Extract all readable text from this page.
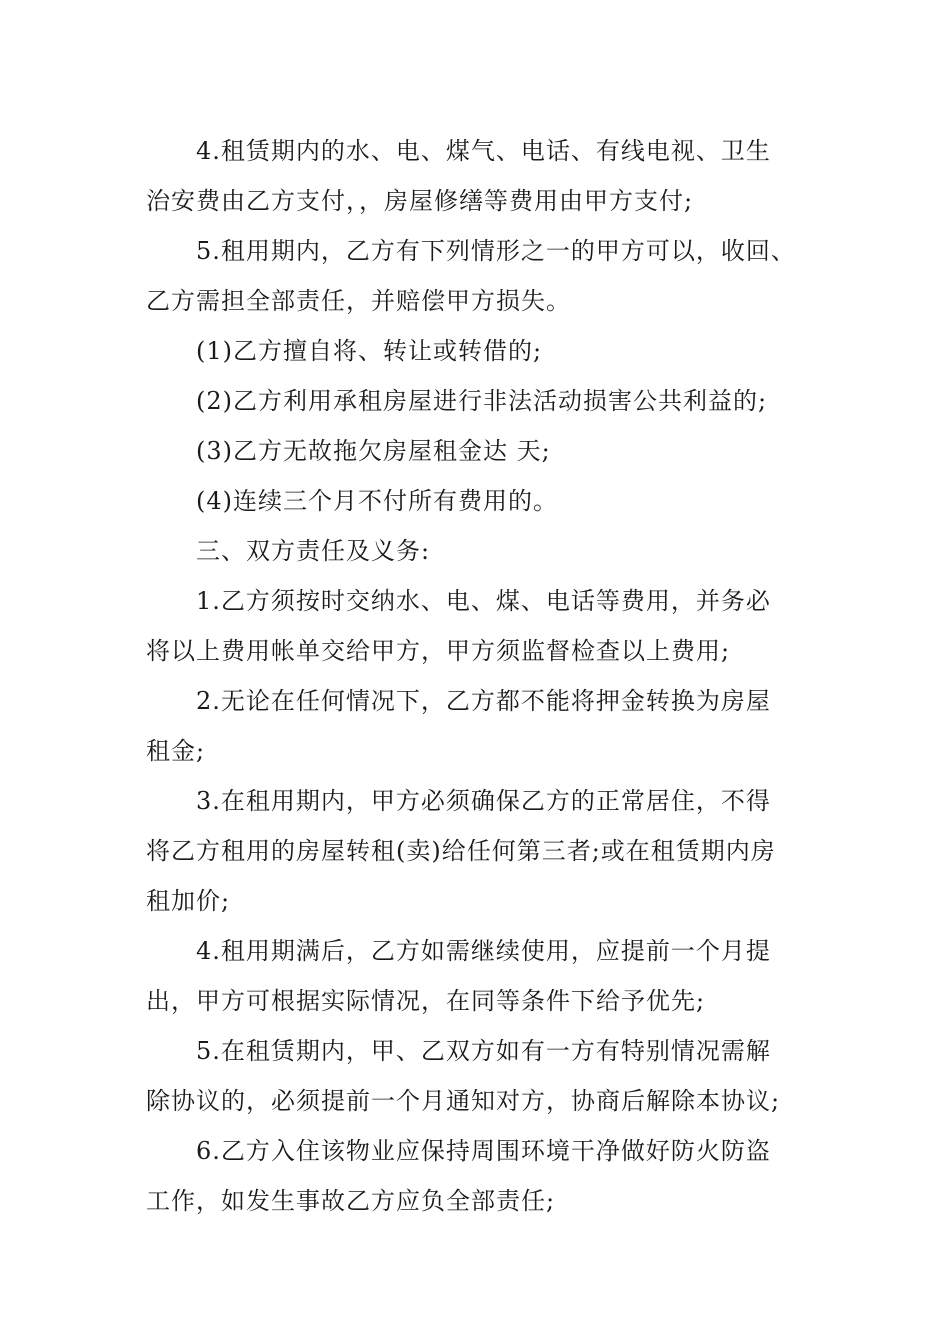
4.租赁期内的水、电、煤气、电话、有线电视、卫生
治安费由乙方支付，，房屋修缮等费用由甲方支付;
5.租用期内，乙方有下列情形之一的甲方可以，收回、
乙方需担全部责任，并赔偿甲方损失。
(1)乙方擅自将、转让或转借的;
(2)乙方利用承租房屋进行非法活动损害公共利益的;
(3)乙方无故拖欠房屋租金达 天;
(4)连续三个月不付所有费用的。
三、双方责任及义务:
1.乙方须按时交纳水、电、煤、电话等费用，并务必
将以上费用帐单交给甲方，甲方须监督检查以上费用;
2.无论在任何情况下，乙方都不能将押金转换为房屋
租金;
3.在租用期内，甲方必须确保乙方的正常居住，不得
将乙方租用的房屋转租(卖)给任何第三者;或在租赁期内房
租加价;
4.租用期满后，乙方如需继续使用，应提前一个月提
出，甲方可根据实际情况，在同等条件下给予优先;
5.在租赁期内，甲、乙双方如有一方有特别情况需解
除协议的，必须提前一个月通知对方，协商后解除本协议;
6.乙方入住该物业应保持周围环境干净做好防火防盗
工作，如发生事故乙方应负全部责任;
